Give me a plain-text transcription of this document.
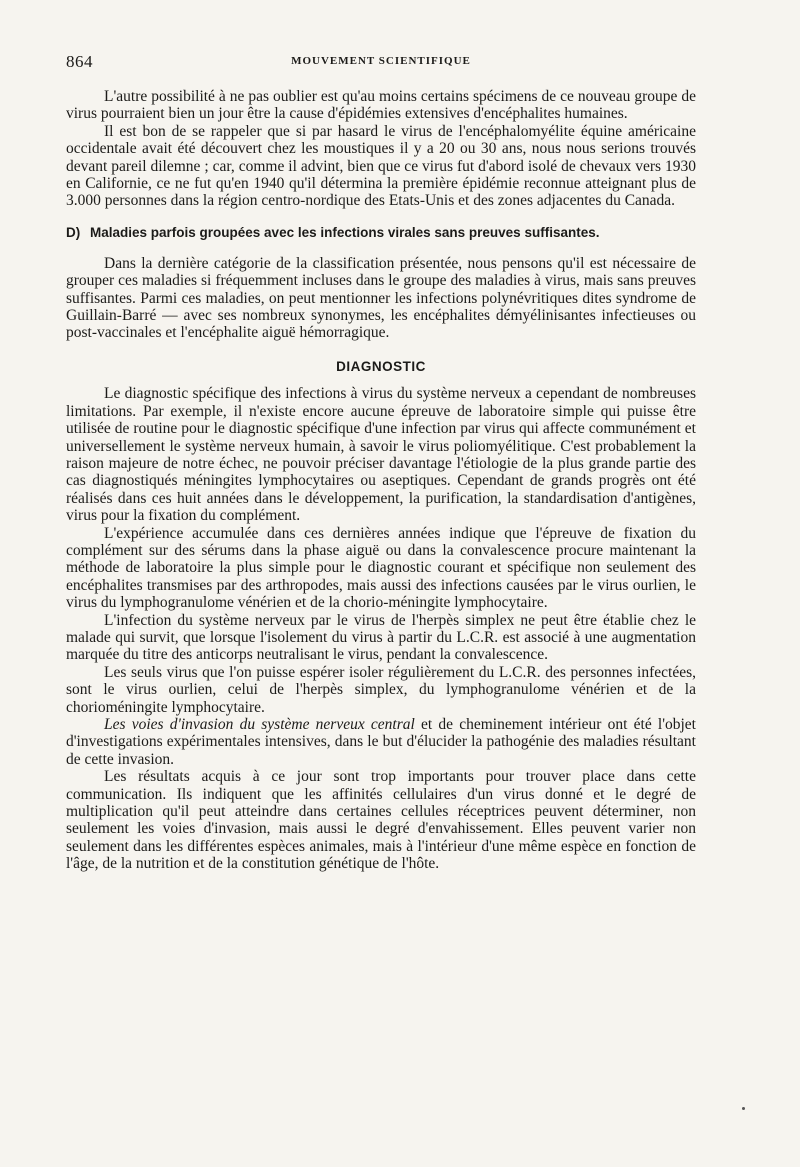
864	MOUVEMENT SCIENTIFIQUE

L'autre possibilité à ne pas oublier est qu'au moins certains spécimens de ce nouveau groupe de virus pourraient bien un jour être la cause d'épidémies extensives d'encéphalites humaines.

Il est bon de se rappeler que si par hasard le virus de l'encéphalomyélite équine américaine occidentale avait été découvert chez les moustiques il y a 20 ou 30 ans, nous nous serions trouvés devant pareil dilemne ; car, comme il advint, bien que ce virus fut d'abord isolé de chevaux vers 1930 en Californie, ce ne fut qu'en 1940 qu'il détermina la première épidémie reconnue atteignant plus de 3.000 personnes dans la région centro-nordique des Etats-Unis et des zones adjacentes du Canada.

D) Maladies parfois groupées avec les infections virales sans preuves suffisantes.

Dans la dernière catégorie de la classification présentée, nous pensons qu'il est nécessaire de grouper ces maladies si fréquemment incluses dans le groupe des maladies à virus, mais sans preuves suffisantes. Parmi ces maladies, on peut mentionner les infections polynévritiques dites syndrome de Guillain-Barré — avec ses nombreux synonymes, les encéphalites démyélinisantes infectieuses ou post-vaccinales et l'encéphalite aiguë hémorragique.

DIAGNOSTIC

Le diagnostic spécifique des infections à virus du système nerveux a cependant de nombreuses limitations. Par exemple, il n'existe encore aucune épreuve de laboratoire simple qui puisse être utilisée de routine pour le diagnostic spécifique d'une infection par virus qui affecte communément et universellement le système nerveux humain, à savoir le virus poliomyélitique. C'est probablement la raison majeure de notre échec, ne pouvoir préciser davantage l'étiologie de la plus grande partie des cas diagnostiqués méningites lymphocytaires ou aseptiques. Cependant de grands progrès ont été réalisés dans ces huit années dans le développement, la purification, la standardisation d'antigènes, virus pour la fixation du complément.

L'expérience accumulée dans ces dernières années indique que l'épreuve de fixation du complément sur des sérums dans la phase aiguë ou dans la convalescence procure maintenant la méthode de laboratoire la plus simple pour le diagnostic courant et spécifique non seulement des encéphalites transmises par des arthropodes, mais aussi des infections causées par le virus ourlien, le virus du lymphogranulome vénérien et de la chorio-méningite lymphocytaire.

L'infection du système nerveux par le virus de l'herpès simplex ne peut être établie chez le malade qui survit, que lorsque l'isolement du virus à partir du L.C.R. est associé à une augmentation marquée du titre des anticorps neutralisant le virus, pendant la convalescence.

Les seuls virus que l'on puisse espérer isoler régulièrement du L.C.R. des personnes infectées, sont le virus ourlien, celui de l'herpès simplex, du lymphogranulome vénérien et de la chorioméningite lymphocytaire.

Les voies d'invasion du système nerveux central et de cheminement intérieur ont été l'objet d'investigations expérimentales intensives, dans le but d'élucider la pathogénie des maladies résultant de cette invasion.

Les résultats acquis à ce jour sont trop importants pour trouver place dans cette communication. Ils indiquent que les affinités cellulaires d'un virus donné et le degré de multiplication qu'il peut atteindre dans certaines cellules réceptrices peuvent déterminer, non seulement les voies d'invasion, mais aussi le degré d'envahissement. Elles peuvent varier non seulement dans les différentes espèces animales, mais à l'intérieur d'une même espèce en fonction de l'âge, de la nutrition et de la constitution génétique de l'hôte.
